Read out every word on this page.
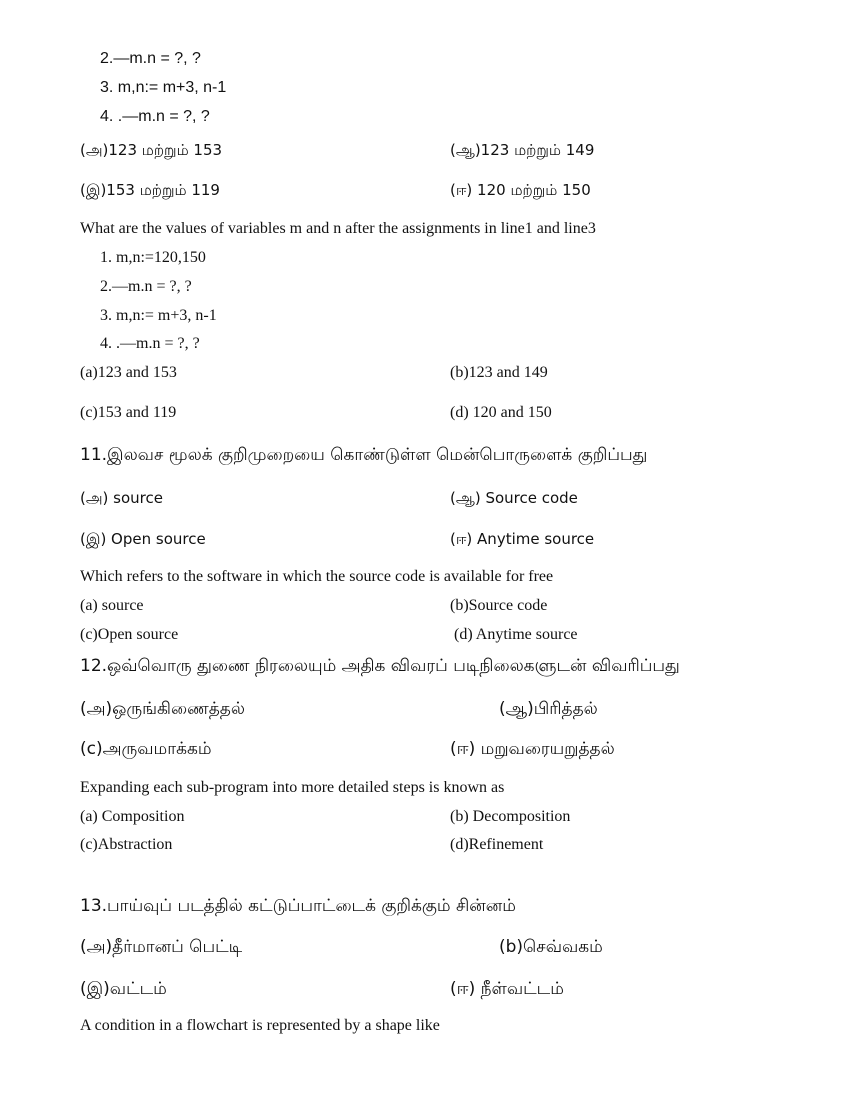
2.—m.n = ?, ?
3. m,n:= m+3, n-1
4. .—m.n = ?, ?
(அ)123 மற்றும் 153	(ஆ)123 மற்றும் 149
(இ)153 மற்றும் 119	(ஈ) 120 மற்றும் 150
What are the values of variables m and n after the assignments in line1 and line3
1. m,n:=120,150
2.—m.n = ?, ?
3. m,n:= m+3, n-1
4. .—m.n = ?, ?
(a)123 and 153	(b)123 and 149
(c)153 and 119	(d) 120 and 150
11.இலவச மூலக் குறிமுறையை கொண்டுள்ள மென்பொருளைக் குறிப்பது
(அ) source	(ஆ) Source code
(இ) Open source	(ஈ) Anytime source
Which refers to the software in which the source code is available for free
(a) source	(b)Source code
(c)Open source	(d) Anytime source
12.ஒவ்வொரு துணை நிரலையும் அதிக விவரப் படிநிலைகளுடன் விவரிப்பது
(அ)ஒருங்கிணைத்தல்	(ஆ)பிரித்தல்
(c)அருவமாக்கம்	(ஈ) மறுவரையறுத்தல்
Expanding each sub-program into more detailed steps is known as
(a) Composition	(b) Decomposition
(c)Abstraction	(d)Refinement
13.பாய்வுப் படத்தில் கட்டுப்பாட்டைக் குறிக்கும் சின்னம்
(அ)தீர்மானப் பெட்டி	(b)செவ்வகம்
(இ)வட்டம்	(ஈ) நீள்வட்டம்
A condition in a flowchart is represented by a shape like
